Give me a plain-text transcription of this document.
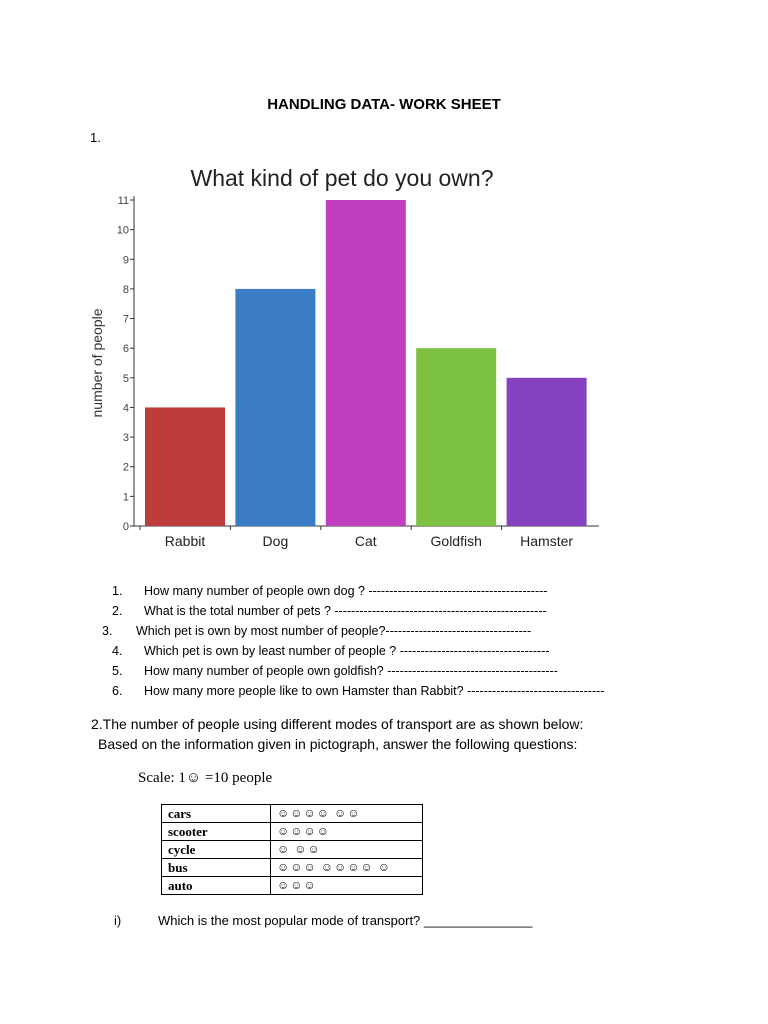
HANDLING DATA- WORK SHEET
1.
What kind of pet do you own?
number of people
0
1
2
3
4
5
6
7
8
9
10
11
Rabbit	Dog	Cat	Goldfish	Hamster
1. How many number of people own dog ? -------------------------------------------
2. What is the total number of pets ? ---------------------------------------------------
3. Which pet is own by most number of people?-----------------------------------
4. Which pet is own by least number of people ? ------------------------------------
5. How many number of people own goldfish? -----------------------------------------
6. How many more people like to own Hamster than Rabbit? ---------------------------------
2.The number of people using different modes of transport are as shown below:
Based on the information given in pictograph, answer the following questions:
Scale: 1☺ =10 people
cars	☺☺☺☺ ☺☺
scooter	☺☺☺☺
cycle	☺ ☺☺
bus	☺☺☺ ☺☺☺☺ ☺
auto	☺☺☺
i)	Which is the most popular mode of transport? _______________
